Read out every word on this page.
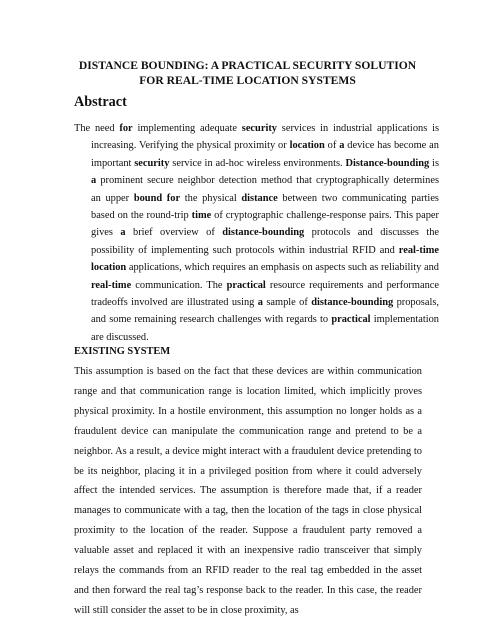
DISTANCE BOUNDING: A PRACTICAL SECURITY SOLUTION
FOR REAL-TIME LOCATION SYSTEMS
Abstract
The need for implementing adequate security services in industrial applications is increasing. Verifying the physical proximity or location of a device has become an important security service in ad-hoc wireless environments. Distance-bounding is a prominent secure neighbor detection method that cryptographically determines an upper bound for the physical distance between two communicating parties based on the round-trip time of cryptographic challenge-response pairs. This paper gives a brief overview of distance-bounding protocols and discusses the possibility of implementing such protocols within industrial RFID and real-time location applications, which requires an emphasis on aspects such as reliability and real-time communication. The practical resource requirements and performance tradeoffs involved are illustrated using a sample of distance-bounding proposals, and some remaining research challenges with regards to practical implementation are discussed.
EXISTING SYSTEM
This assumption is based on the fact that these devices are within communication range and that communication range is location limited, which implicitly proves physical proximity. In a hostile environment, this assumption no longer holds as a fraudulent device can manipulate the communication range and pretend to be a neighbor. As a result, a device might interact with a fraudulent device pretending to be its neighbor, placing it in a privileged position from where it could adversely affect the intended services. The assumption is therefore made that, if a reader manages to communicate with a tag, then the location of the tags in close physical proximity to the location of the reader. Suppose a fraudulent party removed a valuable asset and replaced it with an inexpensive radio transceiver that simply relays the commands from an RFID reader to the real tag embedded in the asset and then forward the real tag’s response back to the reader. In this case, the reader will still consider the asset to be in close proximity, as
